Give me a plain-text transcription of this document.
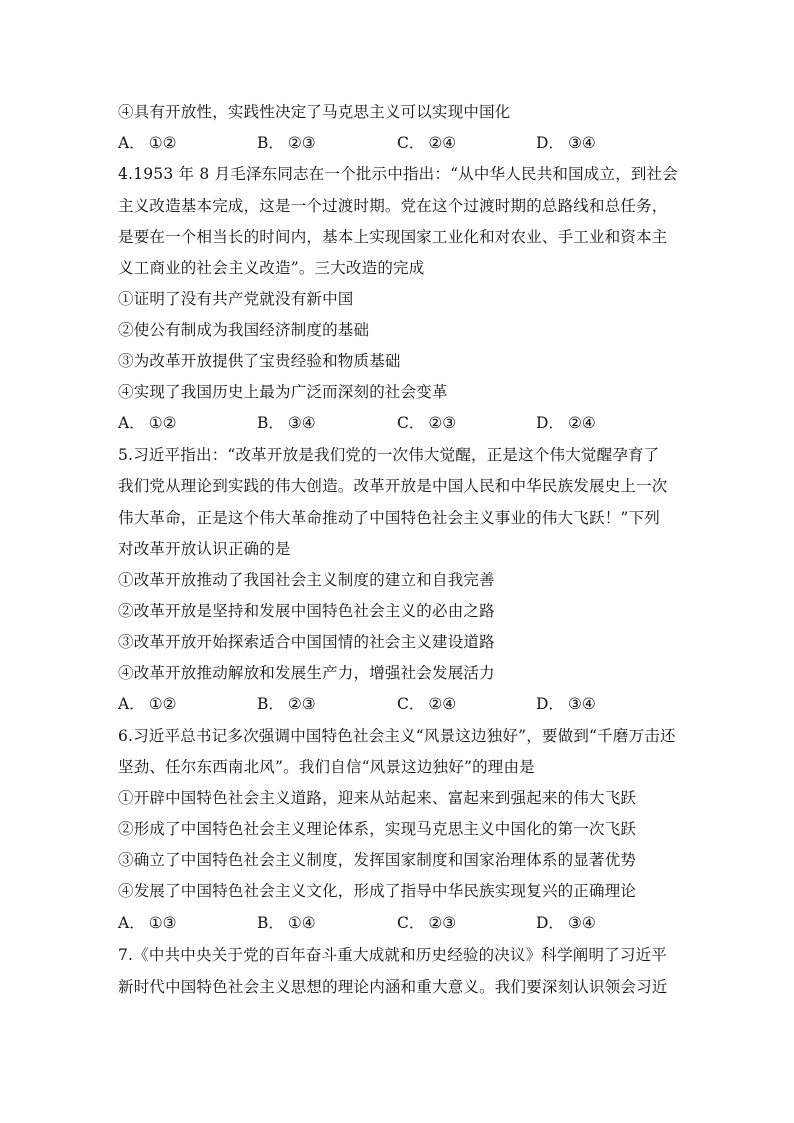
④具有开放性，实践性决定了马克思主义可以实现中国化
A． ①②	B． ②③	C． ②④	D． ③④
4.1953 年 8 月毛泽东同志在一个批示中指出：“从中华人民共和国成立，到社会
主义改造基本完成，这是一个过渡时期。党在这个过渡时期的总路线和总任务，
是要在一个相当长的时间内，基本上实现国家工业化和对农业、手工业和资本主
义工商业的社会主义改造”。三大改造的完成
①证明了没有共产党就没有新中国
②使公有制成为我国经济制度的基础
③为改革开放提供了宝贵经验和物质基础
④实现了我国历史上最为广泛而深刻的社会变革
A． ①②	B． ③④	C． ②③	D． ②④
5.习近平指出：“改革开放是我们党的一次伟大觉醒，正是这个伟大觉醒孕育了
我们党从理论到实践的伟大创造。改革开放是中国人民和中华民族发展史上一次
伟大革命，正是这个伟大革命推动了中国特色社会主义事业的伟大飞跃！”下列
对改革开放认识正确的是
①改革开放推动了我国社会主义制度的建立和自我完善
②改革开放是坚持和发展中国特色社会主义的必由之路
③改革开放开始探索适合中国国情的社会主义建设道路
④改革开放推动解放和发展生产力，增强社会发展活力
A． ①②	B． ②③	C． ②④	D． ③④
6.习近平总书记多次强调中国特色社会主义“风景这边独好”，要做到“千磨万击还
坚劲、任尔东西南北风”。我们自信“风景这边独好”的理由是
①开辟中国特色社会主义道路，迎来从站起来、富起来到强起来的伟大飞跃
②形成了中国特色社会主义理论体系，实现马克思主义中国化的第一次飞跃
③确立了中国特色社会主义制度，发挥国家制度和国家治理体系的显著优势
④发展了中国特色社会主义文化，形成了指导中华民族实现复兴的正确理论
A． ①③	B． ①④	C． ②③	D． ③④
7.《中共中央关于党的百年奋斗重大成就和历史经验的决议》科学阐明了习近平
新时代中国特色社会主义思想的理论内涵和重大意义。我们要深刻认识领会习近
